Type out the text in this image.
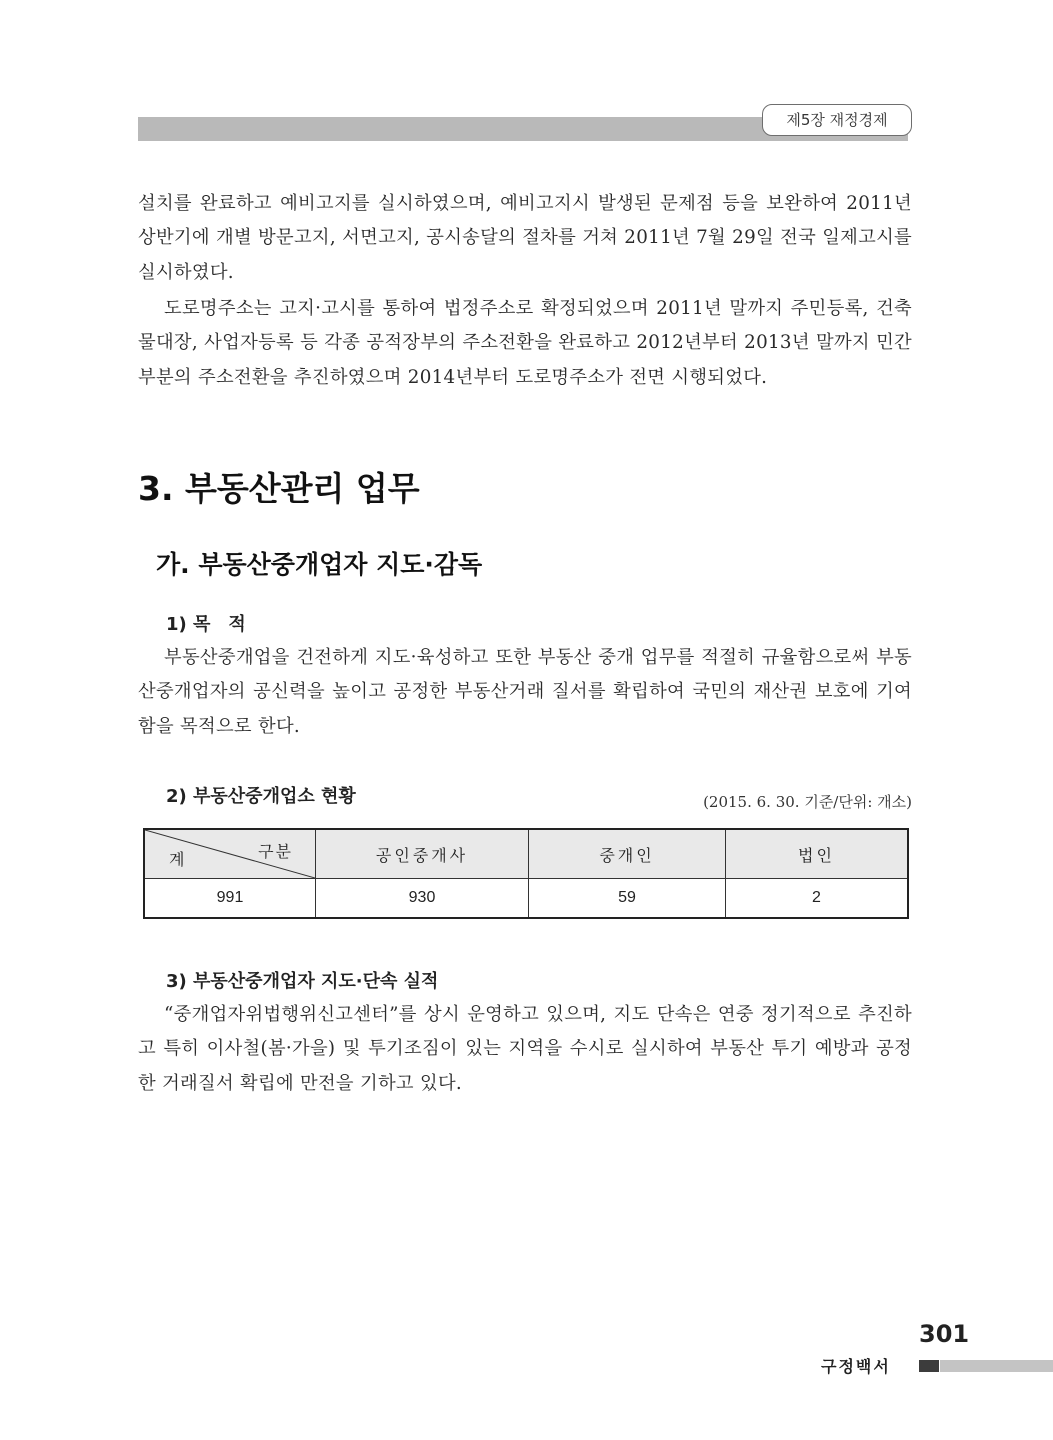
제5장 재정경제

설치를 완료하고 예비고지를 실시하였으며, 예비고지시 발생된 문제점 등을 보완하여 2011년 상반기에 개별 방문고지, 서면고지, 공시송달의 절차를 거쳐 2011년 7월 29일 전국 일제고시를 실시하였다.

도로명주소는 고지·고시를 통하여 법정주소로 확정되었으며 2011년 말까지 주민등록, 건축물대장, 사업자등록 등 각종 공적장부의 주소전환을 완료하고 2012년부터 2013년 말까지 민간부분의 주소전환을 추진하였으며 2014년부터 도로명주소가 전면 시행되었다.

3. 부동산관리 업무
가. 부동산중개업자 지도·감독
1) 목　적

부동산중개업을 건전하게 지도·육성하고 또한 부동산 중개 업무를 적절히 규율함으로써 부동산중개업자의 공신력을 높이고 공정한 부동산거래 질서를 확립하여 국민의 재산권 보호에 기여함을 목적으로 한다.

2) 부동산중개업소 현황	(2015. 6. 30. 기준/단위: 개소)
구분
계	공인중개사	중개인	법인
991	930	59	2
3) 부동산중개업자 지도·단속 실적

“중개업자위법행위신고센터”를 상시 운영하고 있으며, 지도 단속은 연중 정기적으로 추진하고 특히 이사철(봄·가을) 및 투기조짐이 있는 지역을 수시로 실시하여 부동산 투기 예방과 공정한 거래질서 확립에 만전을 기하고 있다.

301
구정백서
